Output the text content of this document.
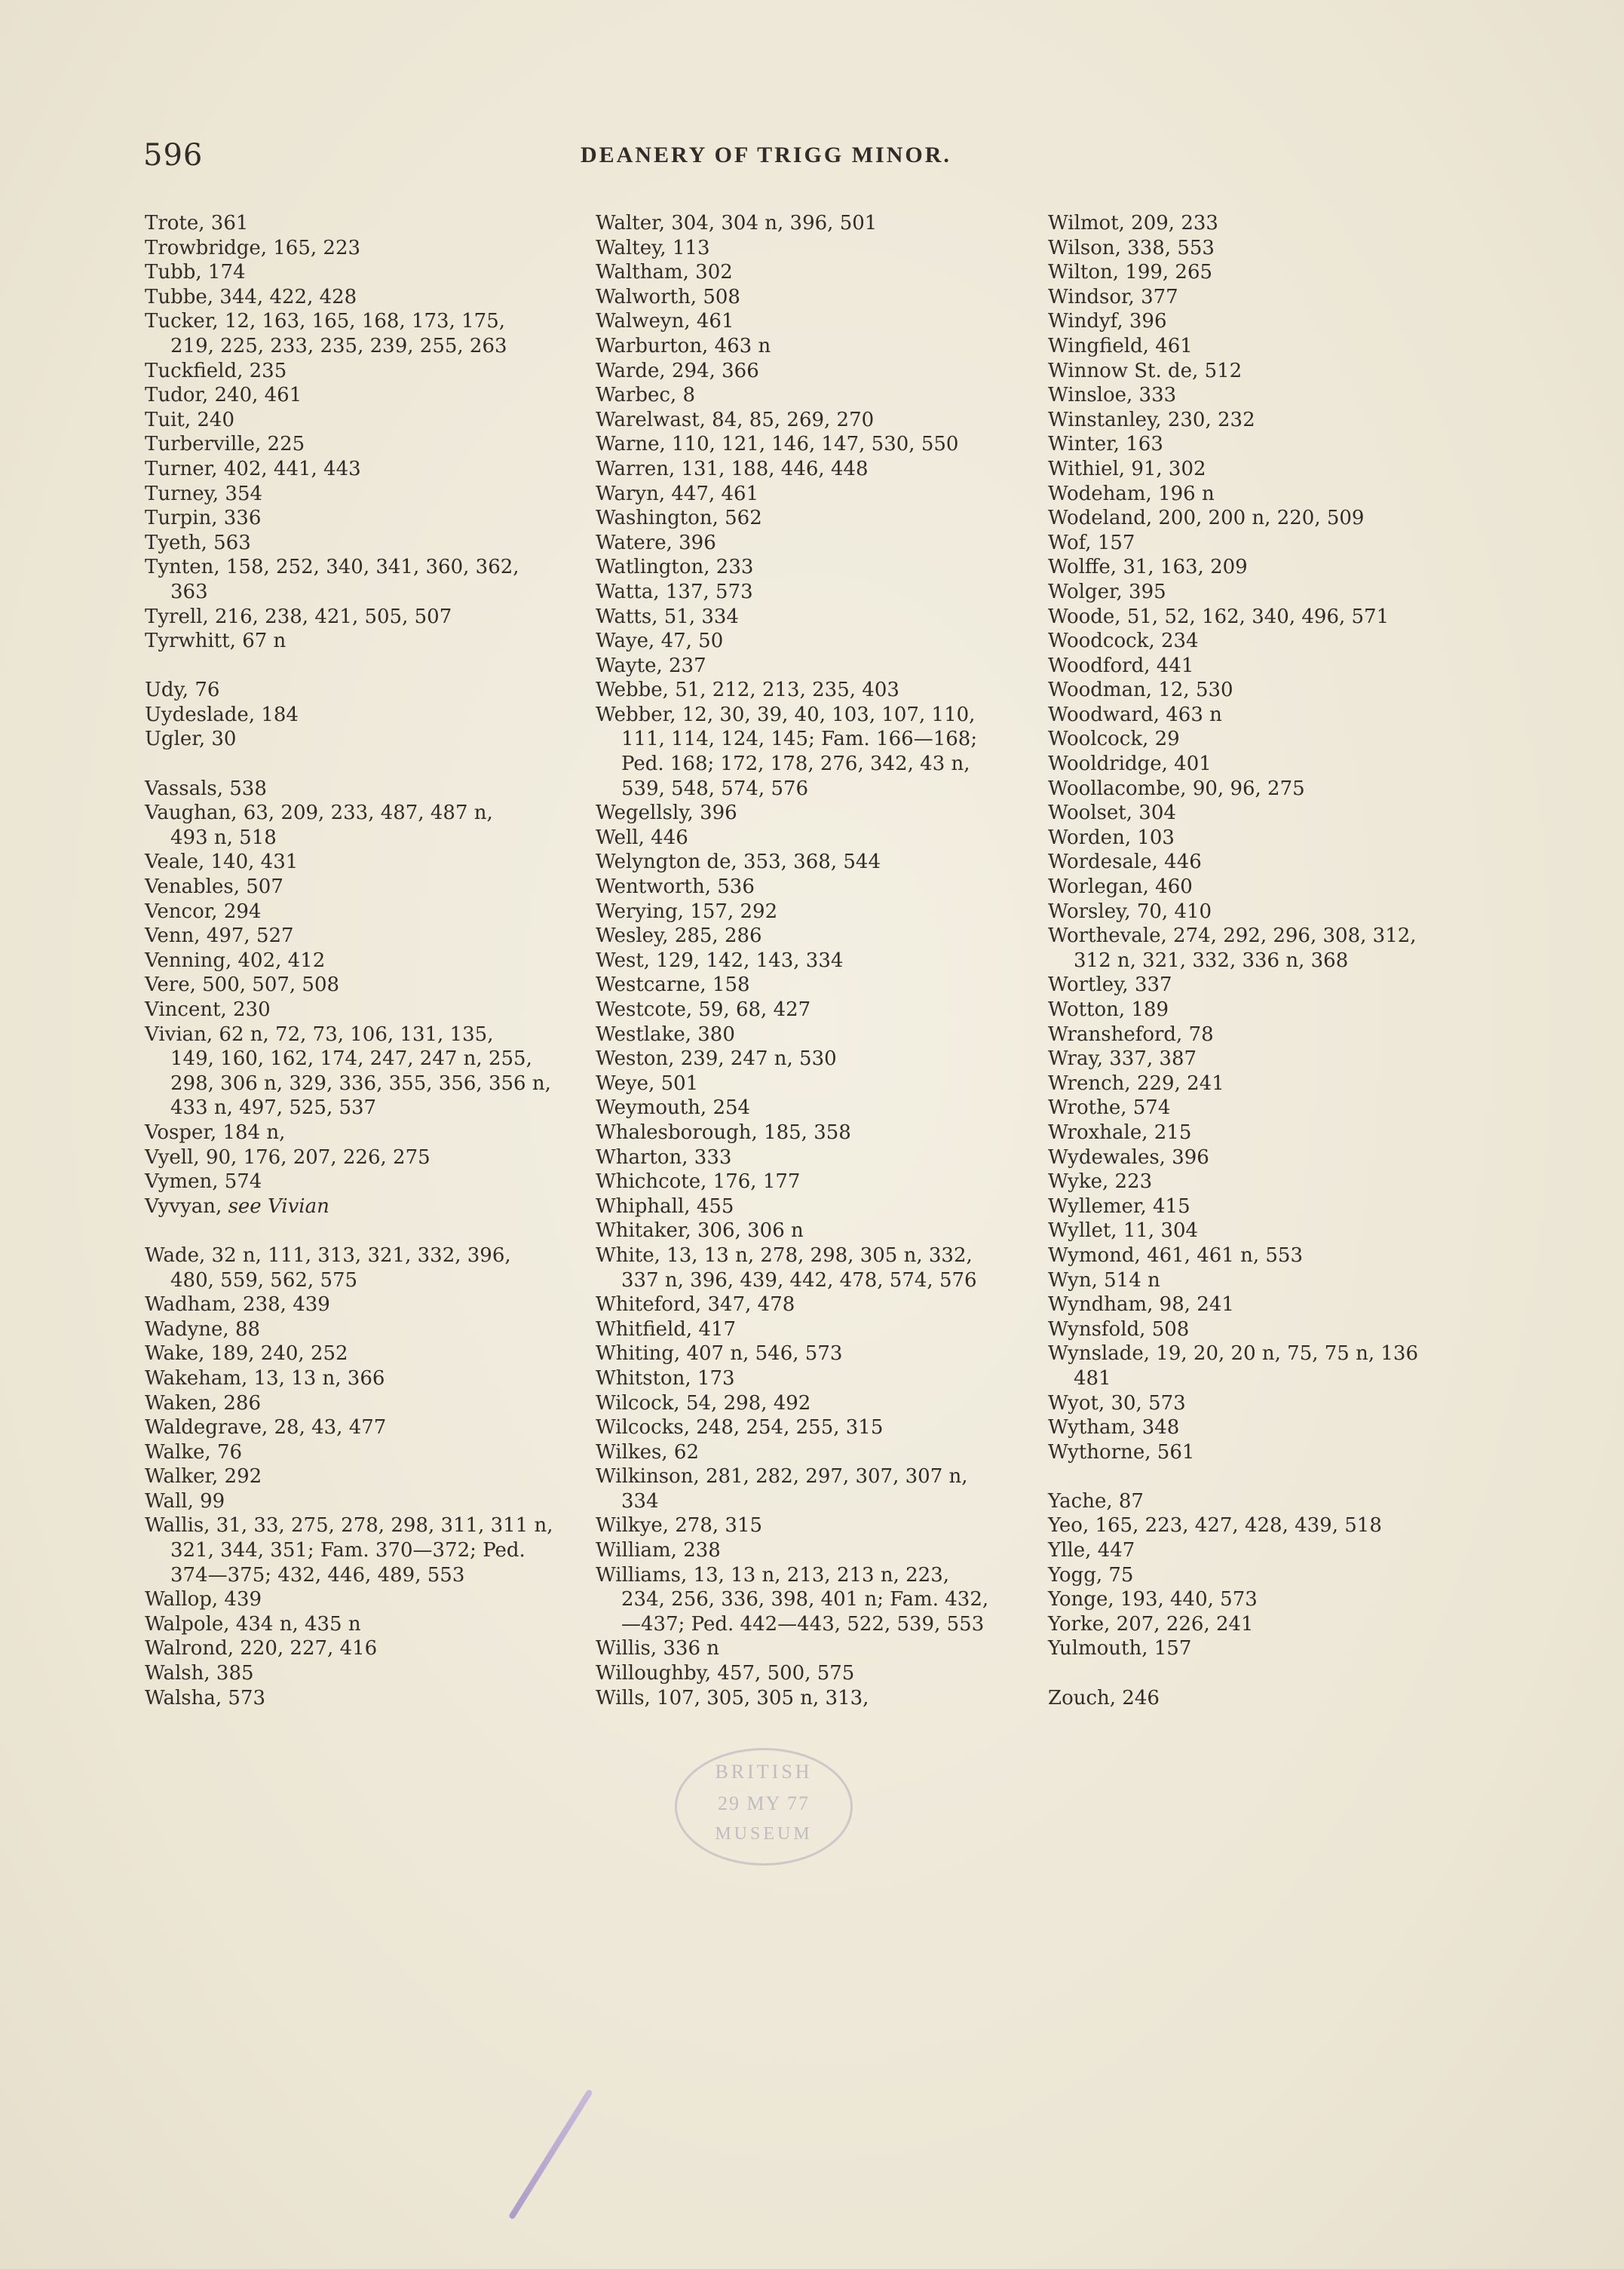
596	DEANERY OF TRIGG MINOR.
Trote, 361
Trowbridge, 165, 223
Tubb, 174
Tubbe, 344, 422, 428
Tucker, 12, 163, 165, 168, 173, 175,
219, 225, 233, 235, 239, 255, 263
Tuckfield, 235
Tudor, 240, 461
Tuit, 240
Turberville, 225
Turner, 402, 441, 443
Turney, 354
Turpin, 336
Tyeth, 563
Tynten, 158, 252, 340, 341, 360, 362,
363
Tyrell, 216, 238, 421, 505, 507
Tyrwhitt, 67 n
Udy, 76
Uydeslade, 184
Ugler, 30
Vassals, 538
Vaughan, 63, 209, 233, 487, 487 n,
493 n, 518
Veale, 140, 431
Venables, 507
Vencor, 294
Venn, 497, 527
Venning, 402, 412
Vere, 500, 507, 508
Vincent, 230
Vivian, 62 n, 72, 73, 106, 131, 135,
149, 160, 162, 174, 247, 247 n, 255,
298, 306 n, 329, 336, 355, 356, 356 n,
433 n, 497, 525, 537
Vosper, 184 n,
Vyell, 90, 176, 207, 226, 275
Vymen, 574
Vyvyan, see Vivian
Wade, 32 n, 111, 313, 321, 332, 396,
480, 559, 562, 575
Wadham, 238, 439
Wadyne, 88
Wake, 189, 240, 252
Wakeham, 13, 13 n, 366
Waken, 286
Waldegrave, 28, 43, 477
Walke, 76
Walker, 292
Wall, 99
Wallis, 31, 33, 275, 278, 298, 311, 311 n,
321, 344, 351; Fam. 370—372; Ped.
374—375; 432, 446, 489, 553
Wallop, 439
Walpole, 434 n, 435 n
Walrond, 220, 227, 416
Walsh, 385
Walsha, 573
Walter, 304, 304 n, 396, 501
Waltey, 113
Waltham, 302
Walworth, 508
Walweyn, 461
Warburton, 463 n
Warde, 294, 366
Warbec, 8
Warelwast, 84, 85, 269, 270
Warne, 110, 121, 146, 147, 530, 550
Warren, 131, 188, 446, 448
Waryn, 447, 461
Washington, 562
Watere, 396
Watlington, 233
Watta, 137, 573
Watts, 51, 334
Waye, 47, 50
Wayte, 237
Webbe, 51, 212, 213, 235, 403
Webber, 12, 30, 39, 40, 103, 107, 110,
111, 114, 124, 145; Fam. 166—168;
Ped. 168; 172, 178, 276, 342, 43 n,
539, 548, 574, 576
Wegellsly, 396
Well, 446
Welyngton de, 353, 368, 544
Wentworth, 536
Werying, 157, 292
Wesley, 285, 286
West, 129, 142, 143, 334
Westcarne, 158
Westcote, 59, 68, 427
Westlake, 380
Weston, 239, 247 n, 530
Weye, 501
Weymouth, 254
Whalesborough, 185, 358
Wharton, 333
Whichcote, 176, 177
Whiphall, 455
Whitaker, 306, 306 n
White, 13, 13 n, 278, 298, 305 n, 332,
337 n, 396, 439, 442, 478, 574, 576
Whiteford, 347, 478
Whitfield, 417
Whiting, 407 n, 546, 573
Whitston, 173
Wilcock, 54, 298, 492
Wilcocks, 248, 254, 255, 315
Wilkes, 62
Wilkinson, 281, 282, 297, 307, 307 n,
334
Wilkye, 278, 315
William, 238
Williams, 13, 13 n, 213, 213 n, 223,
234, 256, 336, 398, 401 n; Fam. 432,
—437; Ped. 442—443, 522, 539, 553
Willis, 336 n
Willoughby, 457, 500, 575
Wills, 107, 305, 305 n, 313,
Wilmot, 209, 233
Wilson, 338, 553
Wilton, 199, 265
Windsor, 377
Windyf, 396
Wingfield, 461
Winnow St. de, 512
Winsloe, 333
Winstanley, 230, 232
Winter, 163
Withiel, 91, 302
Wodeham, 196 n
Wodeland, 200, 200 n, 220, 509
Wof, 157
Wolffe, 31, 163, 209
Wolger, 395
Woode, 51, 52, 162, 340, 496, 571
Woodcock, 234
Woodford, 441
Woodman, 12, 530
Woodward, 463 n
Woolcock, 29
Wooldridge, 401
Woollacombe, 90, 96, 275
Woolset, 304
Worden, 103
Wordesale, 446
Worlegan, 460
Worsley, 70, 410
Worthevale, 274, 292, 296, 308, 312,
312 n, 321, 332, 336 n, 368
Wortley, 337
Wotton, 189
Wransheford, 78
Wray, 337, 387
Wrench, 229, 241
Wrothe, 574
Wroxhale, 215
Wydewales, 396
Wyke, 223
Wyllemer, 415
Wyllet, 11, 304
Wymond, 461, 461 n, 553
Wyn, 514 n
Wyndham, 98, 241
Wynsfold, 508
Wynslade, 19, 20, 20 n, 75, 75 n, 136
481
Wyot, 30, 573
Wytham, 348
Wythorne, 561
Yache, 87
Yeo, 165, 223, 427, 428, 439, 518
Ylle, 447
Yogg, 75
Yonge, 193, 440, 573
Yorke, 207, 226, 241
Yulmouth, 157
Zouch, 246
BRITISH
29 MY 77
MUSEUM
